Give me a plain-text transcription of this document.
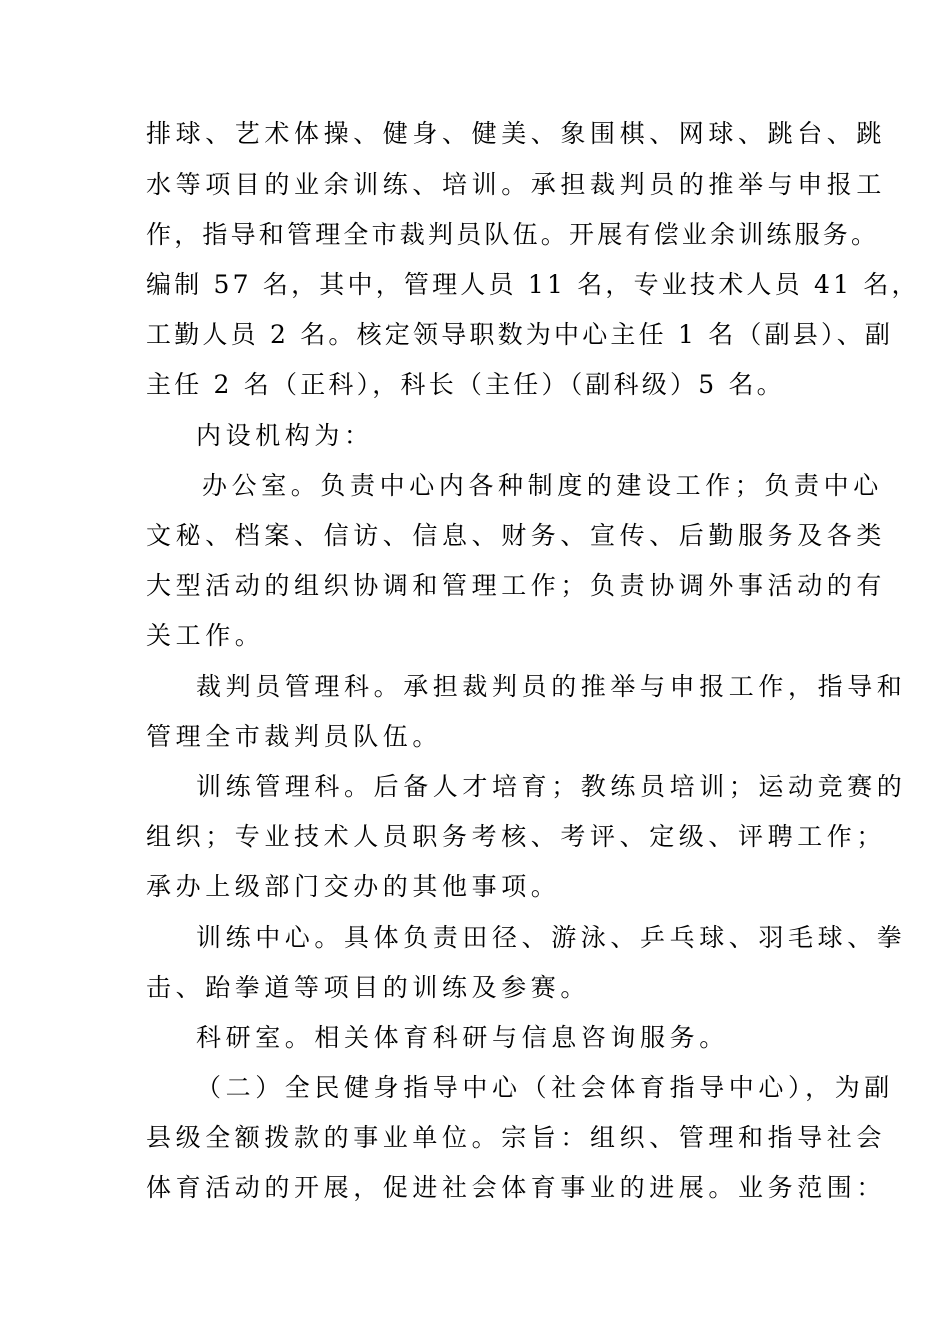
排球、艺术体操、健身、健美、象围棋、网球、跳台、跳
水等项目的业余训练、培训。承担裁判员的推举与申报工
作，指导和管理全市裁判员队伍。开展有偿业余训练服务。
编制 57 名，其中，管理人员 11 名，专业技术人员 41 名，
工勤人员 2 名。核定领导职数为中心主任 1 名（副县）、副
主任 2 名（正科），科长（主任）（副科级）5 名。
内设机构为：
办公室。负责中心内各种制度的建设工作；负责中心
文秘、档案、信访、信息、财务、宣传、后勤服务及各类
大型活动的组织协调和管理工作；负责协调外事活动的有
关工作。
裁判员管理科。承担裁判员的推举与申报工作，指导和
管理全市裁判员队伍。
训练管理科。后备人才培育；教练员培训；运动竞赛的
组织；专业技术人员职务考核、考评、定级、评聘工作；
承办上级部门交办的其他事项。
训练中心。具体负责田径、游泳、乒乓球、羽毛球、拳
击、跆拳道等项目的训练及参赛。
科研室。相关体育科研与信息咨询服务。
（二）全民健身指导中心（社会体育指导中心），为副
县级全额拨款的事业单位。宗旨：组织、管理和指导社会
体育活动的开展，促进社会体育事业的进展。业务范围：
